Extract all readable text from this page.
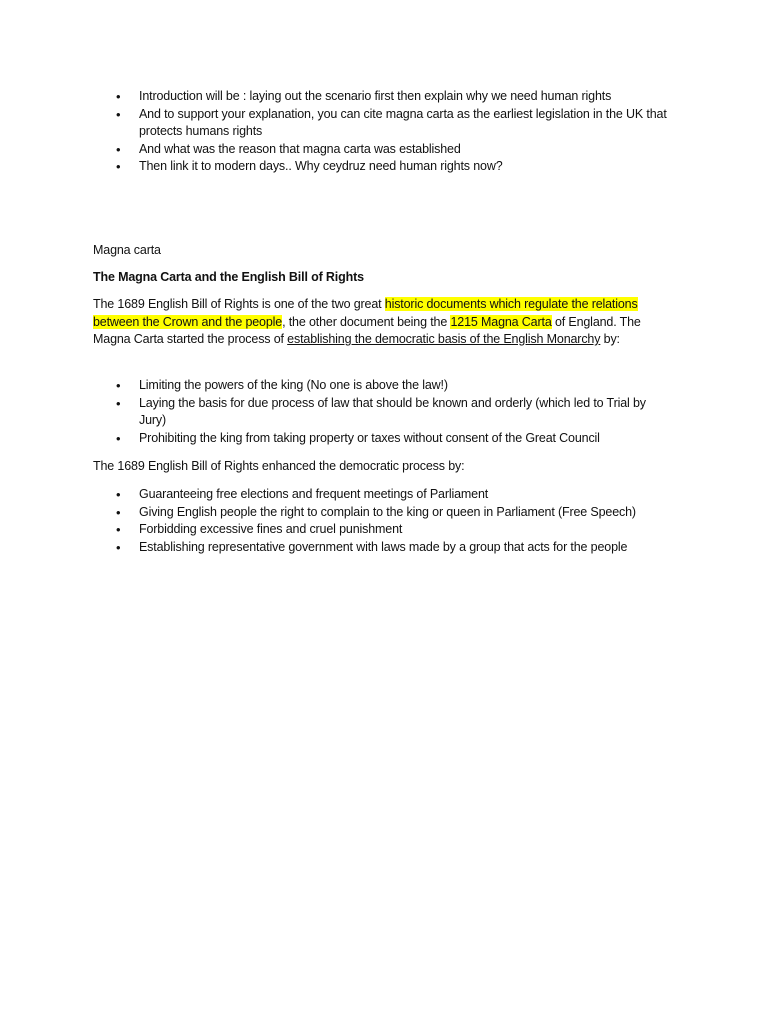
• Introduction will be : laying out the scenario first then explain why we need human rights
• And to support your explanation, you can cite magna carta as the earliest legislation in the UK that protects humans rights
• And what was the reason that magna carta was established
• Then link it to modern days.. Why ceydruz need human rights now?

Magna carta

The Magna Carta and the English Bill of Rights

The 1689 English Bill of Rights is one of the two great historic documents which regulate the relations between the Crown and the people, the other document being the 1215 Magna Carta of England. The Magna Carta started the process of establishing the democratic basis of the English Monarchy by:

• Limiting the powers of the king (No one is above the law!)
• Laying the basis for due process of law that should be known and orderly (which led to Trial by Jury)
• Prohibiting the king from taking property or taxes without consent of the Great Council

The 1689 English Bill of Rights enhanced the democratic process by:

• Guaranteeing free elections and frequent meetings of Parliament
• Giving English people the right to complain to the king or queen in Parliament (Free Speech)
• Forbidding excessive fines and cruel punishment
• Establishing representative government with laws made by a group that acts for the people
